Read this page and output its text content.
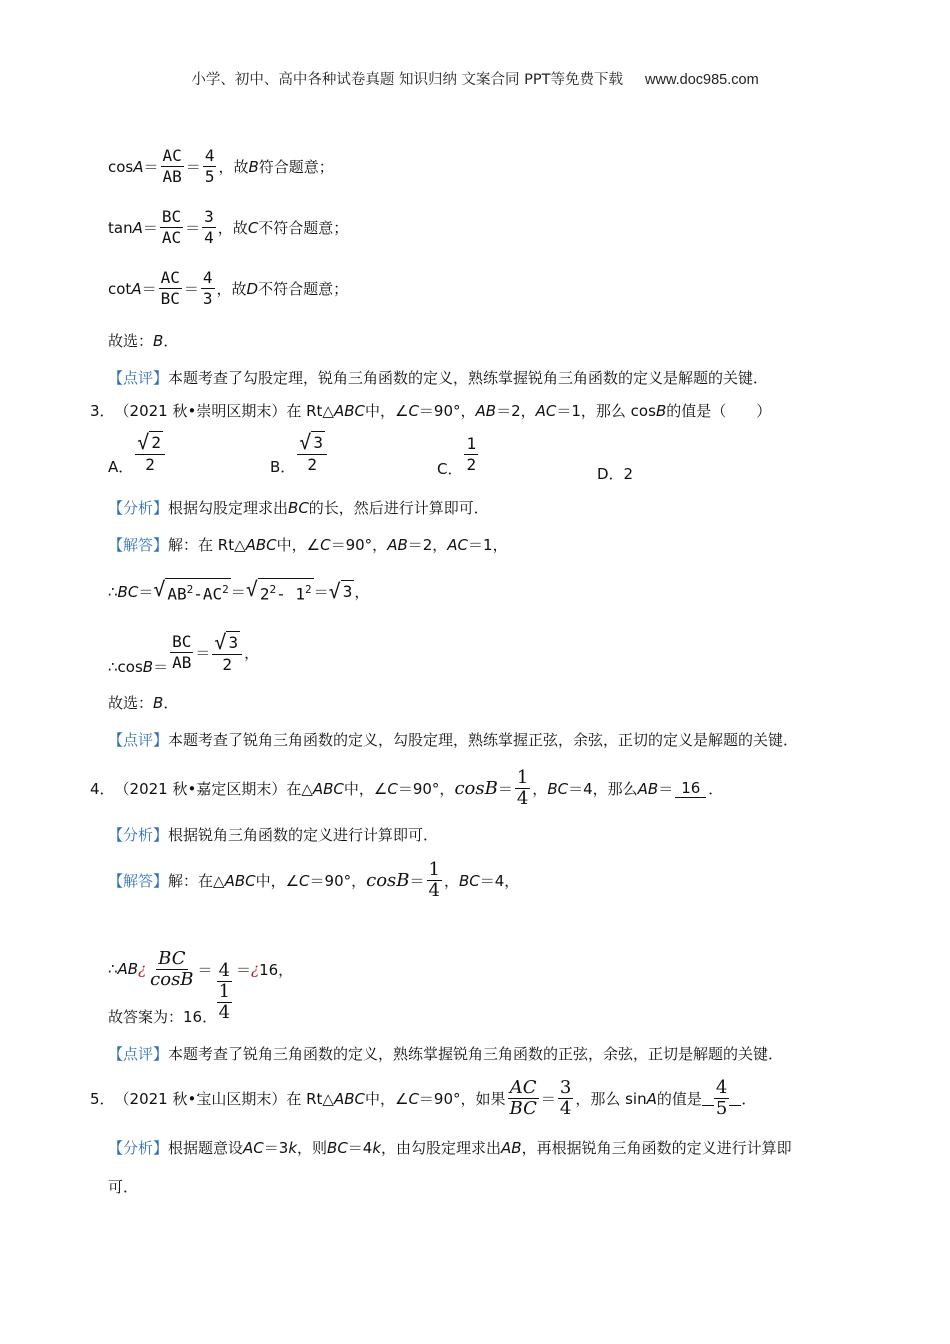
小学、初中、高中各种试卷真题 知识归纳 文案合同 PPT等免费下载 www.doc985.com
$\cos A = \frac{AC}{AB} = \frac{4}{5}$ ，故 B 符合题意；
$\tan A = \frac{BC}{AC} = \frac{3}{4}$ ，故 C 不符合题意；
$\cot A = \frac{AC}{BC} = \frac{4}{3}$ ，故 D 不符合题意；
故选： B ．
【点评】 本题考查了勾股定理，锐角三角函数的定义，熟练掌握锐角三角函数的定义是解题的关键．
3． （2021 秋•崇明区期末）在 Rt△ ABC 中，∠ C ＝90°， AB ＝2， AC ＝1，那么 cos B 的值是（　　）
A． $\frac{√ 2}{2}$	B． $\frac{√ 3}{2}$	C． $\frac{1}{2}$	D．2
【分析】 根据勾股定理求出 BC 的长，然后进行计算即可．
【解答】 解：在 Rt△ ABC 中，∠ C ＝90°， AB ＝2， AC ＝1，
∴ BC ＝ √ $AB^2-AC^2$ ＝ √ $2^2-$ $1^2$ ＝ √ 3 ，
∴cos $B = \frac{BC}{AB} = \frac{√ 3}{2}$ ，
故选： B ．
【点评】 本题考查了锐角三角函数的定义，勾股定理，熟练掌握正弦，余弦，正切的定义是解题的关键．
4． （2021 秋•嘉定区期末）在△ ABC 中，∠ C ＝90°， $\cos B = \frac{1}{4}$ ， BC ＝4，那么 AB ＝ 16 ．
【分析】 根据锐角三角函数的定义进行计算即可．
【解答】 解：在△ ABC 中，∠ C ＝90°， $\cos B = \frac{1}{4}$ ， BC ＝4，
∴ AB ¿ $\frac{BC}{\cos B} = \frac{4}{\frac{1}{4}}$ ＝ ¿ 16，
故答案为：16．
【点评】 本题考查了锐角三角函数的定义，熟练掌握锐角三角函数的正弦，余弦，正切是解题的关键．
5． （2021 秋•宝山区期末）在 Rt△ ABC 中，∠ C ＝90°，如果 $\frac{AC}{BC} = \frac{3}{4}$ ，那么 sin A 的值是 $\frac{4}{5}$ ．
【分析】 根据题意设 AC ＝3 k ，则 BC ＝4 k ，由勾股定理求出 AB ，再根据锐角三角函数的定义进行计算即
可．
